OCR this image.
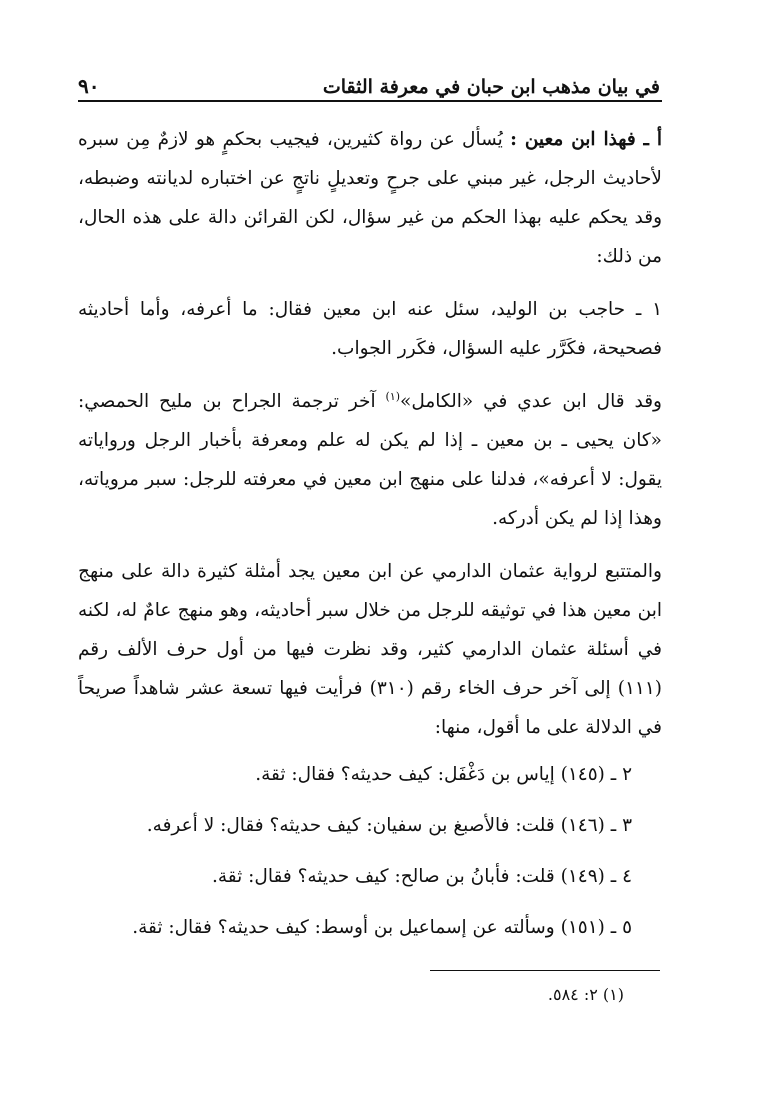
في بيان مذهب ابن حبان في معرفة الثقات
٩٠

أ ـ فهذا ابن معين : يُسأل عن رواة كثيرين، فيجيب بحكمٍ هو لازمٌ مِن سبره لأحاديث الرجل، غير مبني على جرحٍ وتعديلٍ ناتجٍ عن اختباره لديانته وضبطه، وقد يحكم عليه بهذا الحكم من غير سؤال، لكن القرائن دالة على هذه الحال، من ذلك:

١ ـ حاجب بن الوليد، سئل عنه ابن معين فقال: ما أعرفه، وأما أحاديثه فصحيحة، فكَرَّر عليه السؤال، فكَرر الجواب.

وقد قال ابن عدي في «الكامل»$^{(١)}$ آخر ترجمة الجراح بن مليح الحمصي: «كان يحيى ـ بن معين ـ إذا لم يكن له علم ومعرفة بأخبار الرجل ورواياته يقول: لا أعرفه»، فدلنا على منهج ابن معين في معرفته للرجل: سبر مروياته، وهذا إذا لم يكن أدركه.

والمتتبع لرواية عثمان الدارمي عن ابن معين يجد أمثلة كثيرة دالة على منهج ابن معين هذا في توثيقه للرجل من خلال سبر أحاديثه، وهو منهج عامٌ له، لكنه في أسئلة عثمان الدارمي كثير، وقد نظرت فيها من أول حرف الألف رقم (١١١) إلى آخر حرف الخاء رقم (٣١٠) فرأيت فيها تسعة عشر شاهداً صريحاً في الدلالة على ما أقول، منها:

٢ ـ (١٤٥) إياس بن دَغْفَل: كيف حديثه؟ فقال: ثقة.

٣ ـ (١٤٦) قلت: فالأصبغ بن سفيان: كيف حديثه؟ فقال: لا أعرفه.

٤ ـ (١٤٩) قلت: فأبانُ بن صالح: كيف حديثه؟ فقال: ثقة.

٥ ـ (١٥١) وسألته عن إسماعيل بن أوسط: كيف حديثه؟ فقال: ثقة.

(١) ٢: ٥٨٤.
